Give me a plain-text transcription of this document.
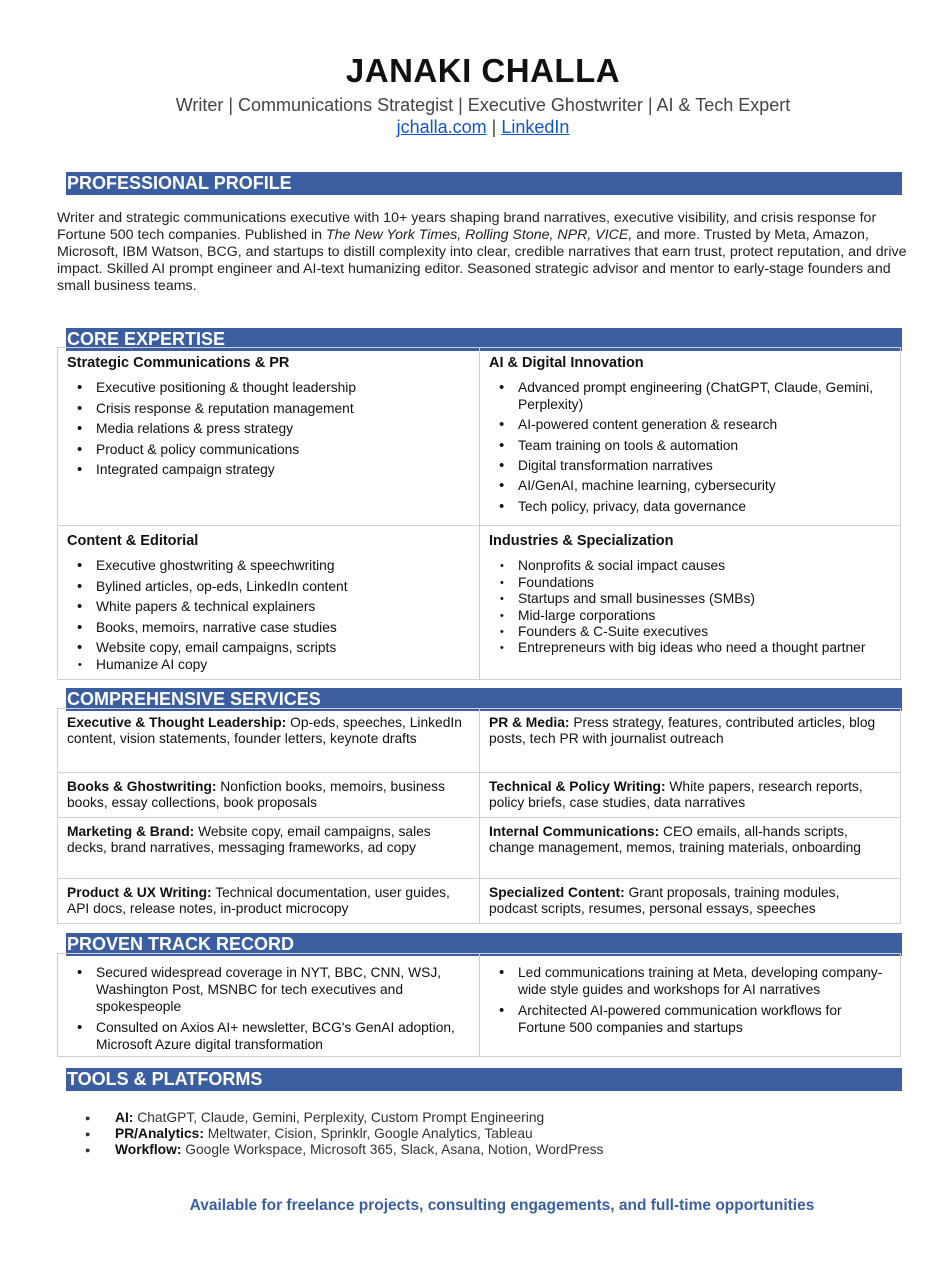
JANAKI CHALLA
Writer | Communications Strategist | Executive Ghostwriter | AI & Tech Expert
jchalla.com | LinkedIn
PROFESSIONAL PROFILE
Writer and strategic communications executive with 10+ years shaping brand narratives, executive visibility, and crisis response for Fortune 500 tech companies. Published in The New York Times, Rolling Stone, NPR, VICE, and more. Trusted by Meta, Amazon, Microsoft, IBM Watson, BCG, and startups to distill complexity into clear, credible narratives that earn trust, protect reputation, and drive impact. Skilled AI prompt engineer and AI-text humanizing editor. Seasoned strategic advisor and mentor to early-stage founders and small business teams.
CORE EXPERTISE
Strategic Communications & PR
• Executive positioning & thought leadership
• Crisis response & reputation management
• Media relations & press strategy
• Product & policy communications
• Integrated campaign strategy
AI & Digital Innovation
• Advanced prompt engineering (ChatGPT, Claude, Gemini, Perplexity)
• AI-powered content generation & research
• Team training on tools & automation
• Digital transformation narratives
• AI/GenAI, machine learning, cybersecurity
• Tech policy, privacy, data governance
Content & Editorial
• Executive ghostwriting & speechwriting
• Bylined articles, op-eds, LinkedIn content
• White papers & technical explainers
• Books, memoirs, narrative case studies
• Website copy, email campaigns, scripts
• Humanize AI copy
Industries & Specialization
• Nonprofits & social impact causes
• Foundations
• Startups and small businesses (SMBs)
• Mid-large corporations
• Founders & C-Suite executives
• Entrepreneurs with big ideas who need a thought partner
COMPREHENSIVE SERVICES
Executive & Thought Leadership: Op-eds, speeches, LinkedIn content, vision statements, founder letters, keynote drafts
PR & Media: Press strategy, features, contributed articles, blog posts, tech PR with journalist outreach
Books & Ghostwriting: Nonfiction books, memoirs, business books, essay collections, book proposals
Technical & Policy Writing: White papers, research reports, policy briefs, case studies, data narratives
Marketing & Brand: Website copy, email campaigns, sales decks, brand narratives, messaging frameworks, ad copy
Internal Communications: CEO emails, all-hands scripts, change management, memos, training materials, onboarding
Product & UX Writing: Technical documentation, user guides, API docs, release notes, in-product microcopy
Specialized Content: Grant proposals, training modules, podcast scripts, resumes, personal essays, speeches
PROVEN TRACK RECORD
• Secured widespread coverage in NYT, BBC, CNN, WSJ, Washington Post, MSNBC for tech executives and spokespeople
• Consulted on Axios AI+ newsletter, BCG's GenAI adoption, Microsoft Azure digital transformation
• Led communications training at Meta, developing company-wide style guides and workshops for AI narratives
• Architected AI-powered communication workflows for Fortune 500 companies and startups
TOOLS & PLATFORMS
● AI: ChatGPT, Claude, Gemini, Perplexity, Custom Prompt Engineering
● PR/Analytics: Meltwater, Cision, Sprinklr, Google Analytics, Tableau
● Workflow: Google Workspace, Microsoft 365, Slack, Asana, Notion, WordPress
Available for freelance projects, consulting engagements, and full-time opportunities
